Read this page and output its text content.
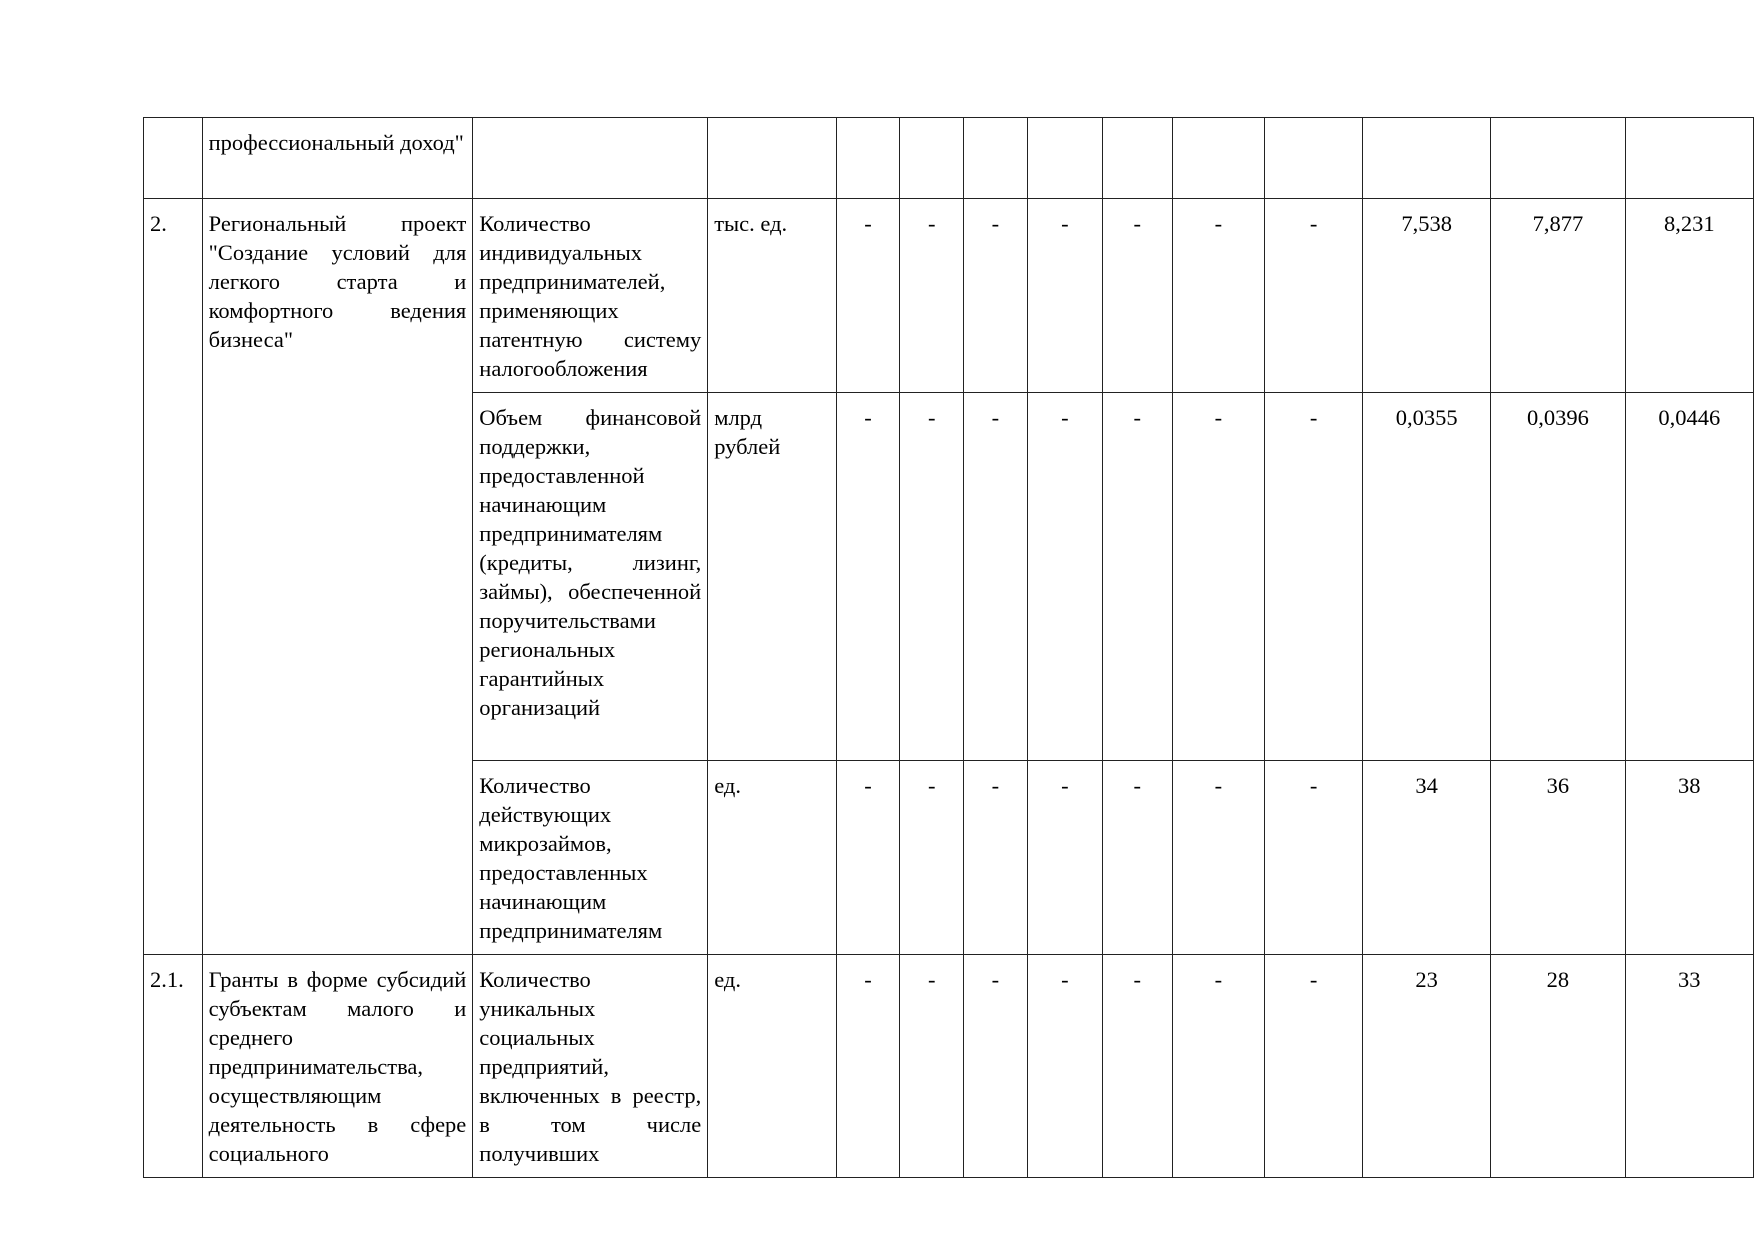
	профессиональный доход"												
2.	Региональный проект "Создание условий для легкого старта и комфортного ведения бизнеса"	Количество индивидуальных предпринимателей, применяющих патентную систему налогообложения	тыс. ед.	-	-	-	-	-	-	-	7,538	7,877	8,231
		Объем финансовой поддержки, предоставленной начинающим предпринимателям (кредиты, лизинг, займы), обеспеченной поручительствами региональных гарантийных организаций	млрд рублей	-	-	-	-	-	-	-	0,0355	0,0396	0,0446
		Количество действующих микрозаймов, предоставленных начинающим предпринимателям	ед.	-	-	-	-	-	-	-	34	36	38
2.1.	Гранты в форме субсидий субъектам малого и среднего предпринимательства, осуществляющим деятельность в сфере социального	Количество уникальных социальных предприятий, включенных в реестр, в том числе получивших	ед.	-	-	-	-	-	-	-	23	28	33
